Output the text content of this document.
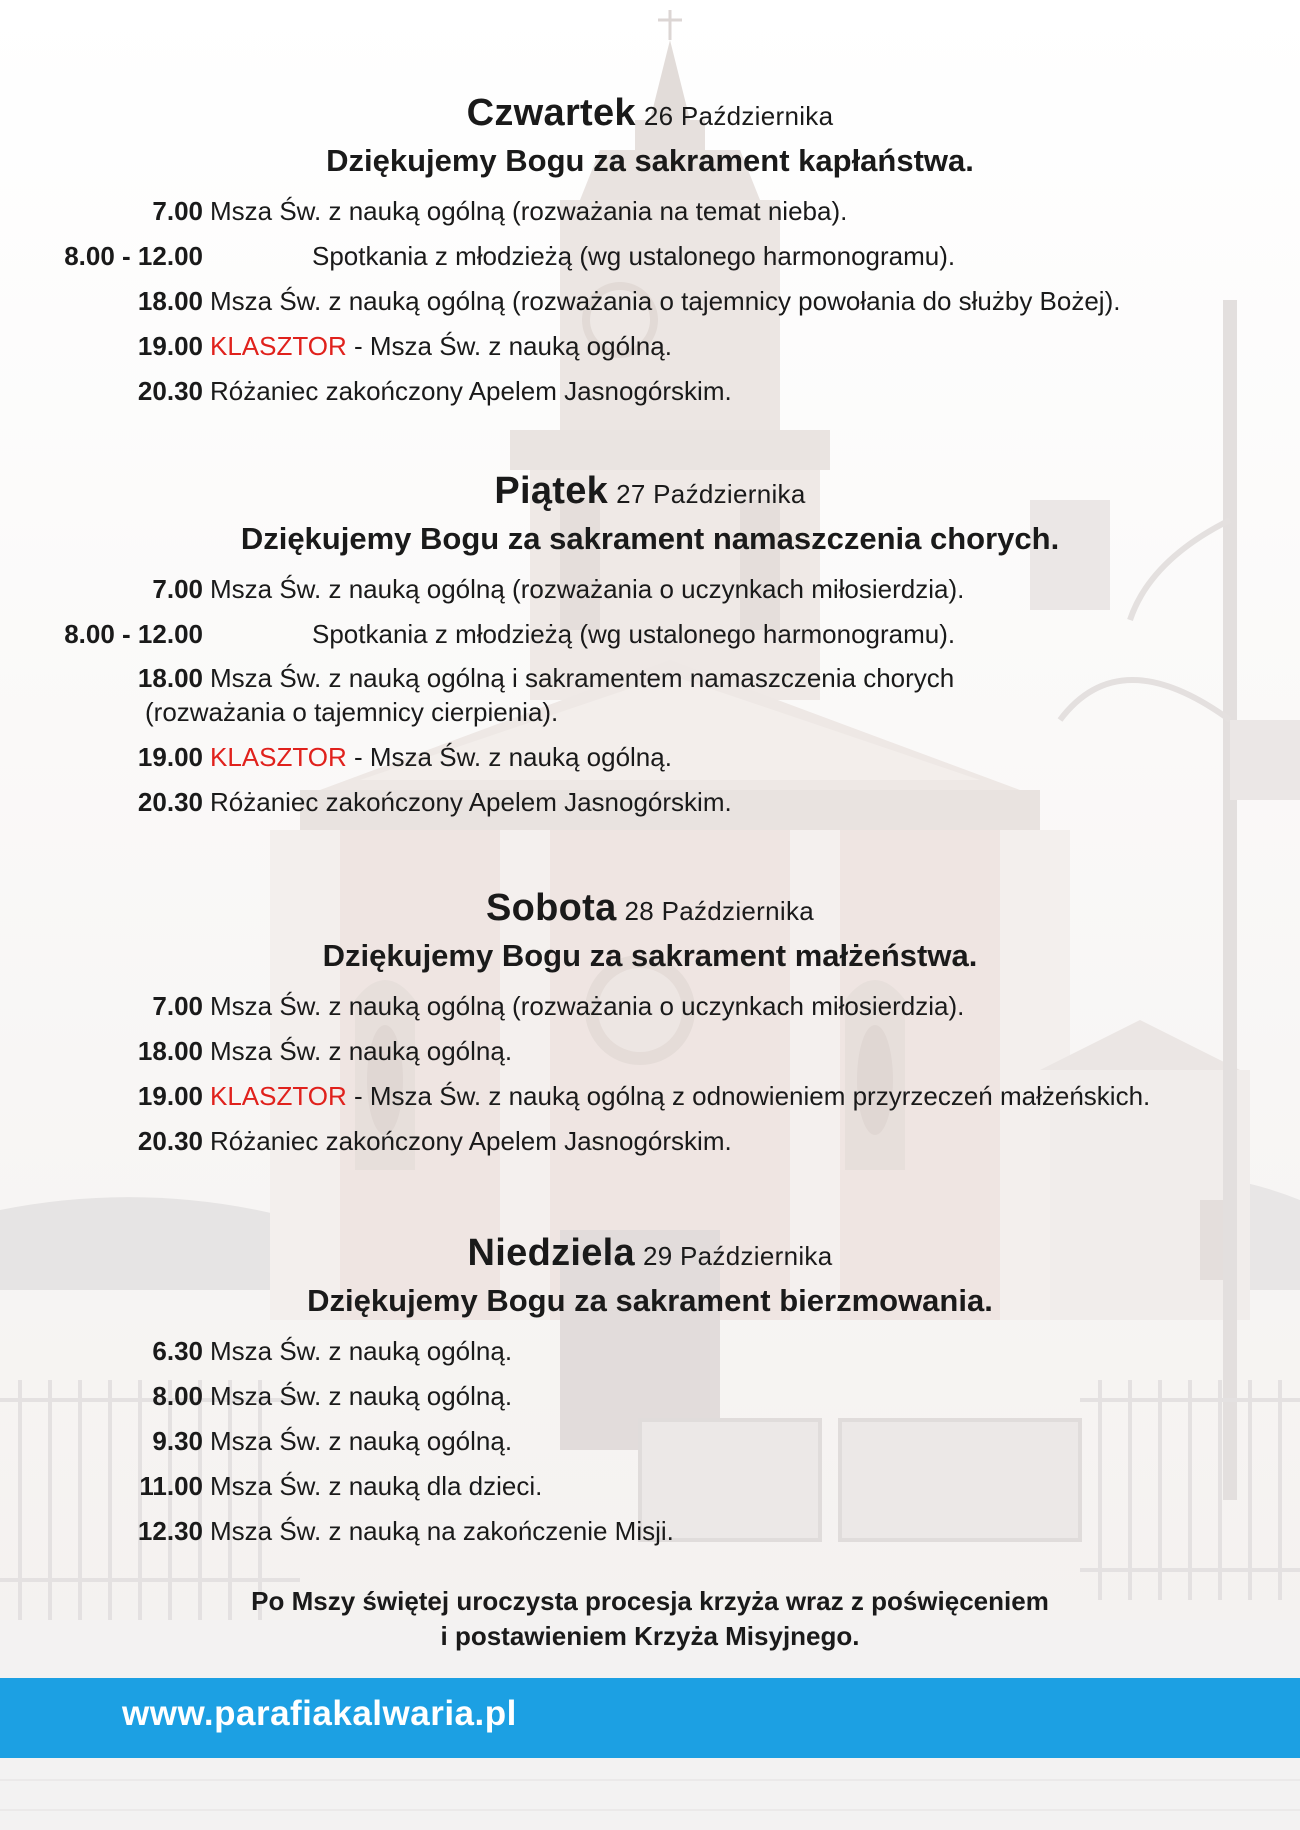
Czwartek 26 Października
Dziękujemy Bogu za sakrament kapłaństwa.
7.00 Msza Św. z nauką ogólną (rozważania na temat nieba).
8.00 - 12.00	Spotkania z młodzieżą (wg ustalonego harmonogramu).
18.00 Msza Św. z nauką ogólną (rozważania o tajemnicy powołania do służby Bożej).
19.00 KLASZTOR - Msza Św. z nauką ogólną.
20.30 Różaniec zakończony Apelem Jasnogórskim.
Piątek 27 Października
Dziękujemy Bogu za sakrament namaszczenia chorych.
7.00 Msza Św. z nauką ogólną (rozważania o uczynkach miłosierdzia).
8.00 - 12.00	Spotkania z młodzieżą (wg ustalonego harmonogramu).
18.00 Msza Św. z nauką ogólną i sakramentem namaszczenia chorych
(rozważania o tajemnicy cierpienia).
19.00 KLASZTOR - Msza Św. z nauką ogólną.
20.30 Różaniec zakończony Apelem Jasnogórskim.
Sobota 28 Października
Dziękujemy Bogu za sakrament małżeństwa.
7.00 Msza Św. z nauką ogólną (rozważania o uczynkach miłosierdzia).
18.00 Msza Św. z nauką ogólną.
19.00 KLASZTOR - Msza Św. z nauką ogólną z odnowieniem przyrzeczeń małżeńskich.
20.30 Różaniec zakończony Apelem Jasnogórskim.
Niedziela 29 Października
Dziękujemy Bogu za sakrament bierzmowania.
6.30 Msza Św. z nauką ogólną.
8.00 Msza Św. z nauką ogólną.
9.30 Msza Św. z nauką ogólną.
11.00 Msza Św. z nauką dla dzieci.
12.30 Msza Św. z nauką na zakończenie Misji.
Po Mszy świętej uroczysta procesja krzyża wraz z poświęceniem
i postawieniem Krzyża Misyjnego.
www.parafiakalwaria.pl
